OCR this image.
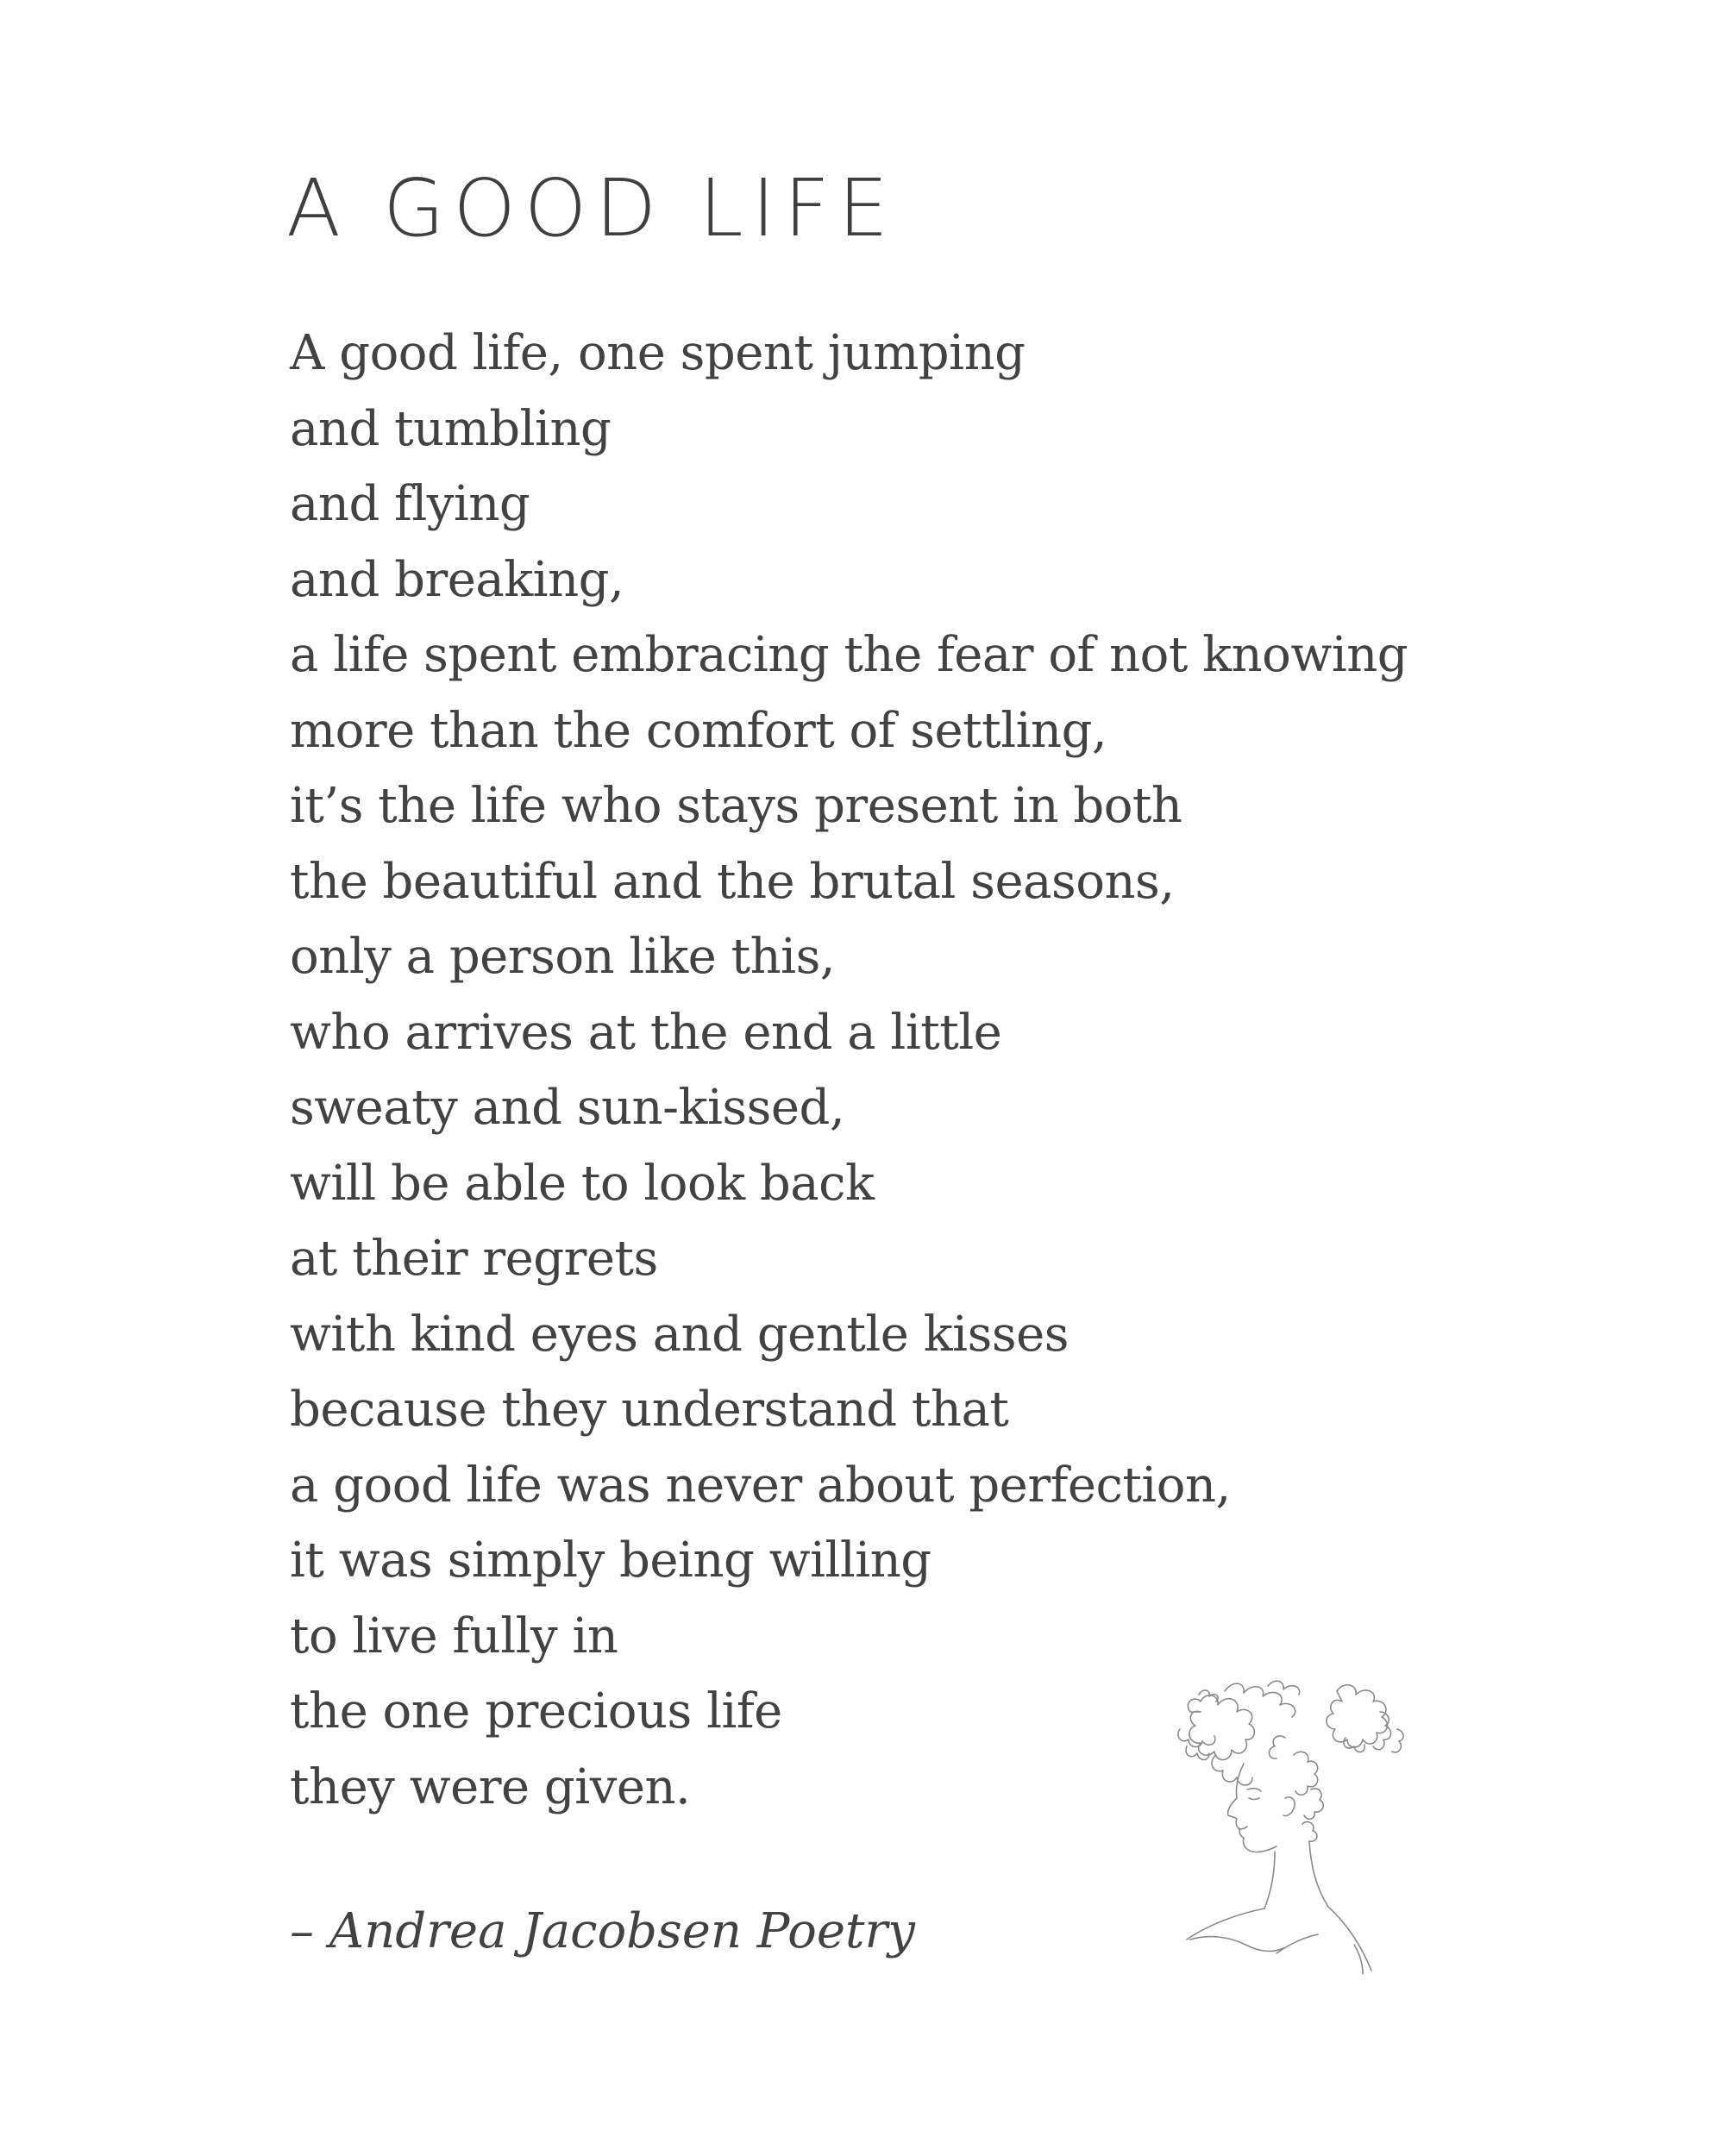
A GOOD LIFE
A good life, one spent jumping
and tumbling
and flying
and breaking,
a life spent embracing the fear of not knowing
more than the comfort of settling,
it’s the life who stays present in both
the beautiful and the brutal seasons,
only a person like this,
who arrives at the end a little
sweaty and sun-kissed,
will be able to look back
at their regrets
with kind eyes and gentle kisses
because they understand that
a good life was never about perfection,
it was simply being willing
to live fully in
the one precious life
they were given.
– Andrea Jacobsen Poetry
